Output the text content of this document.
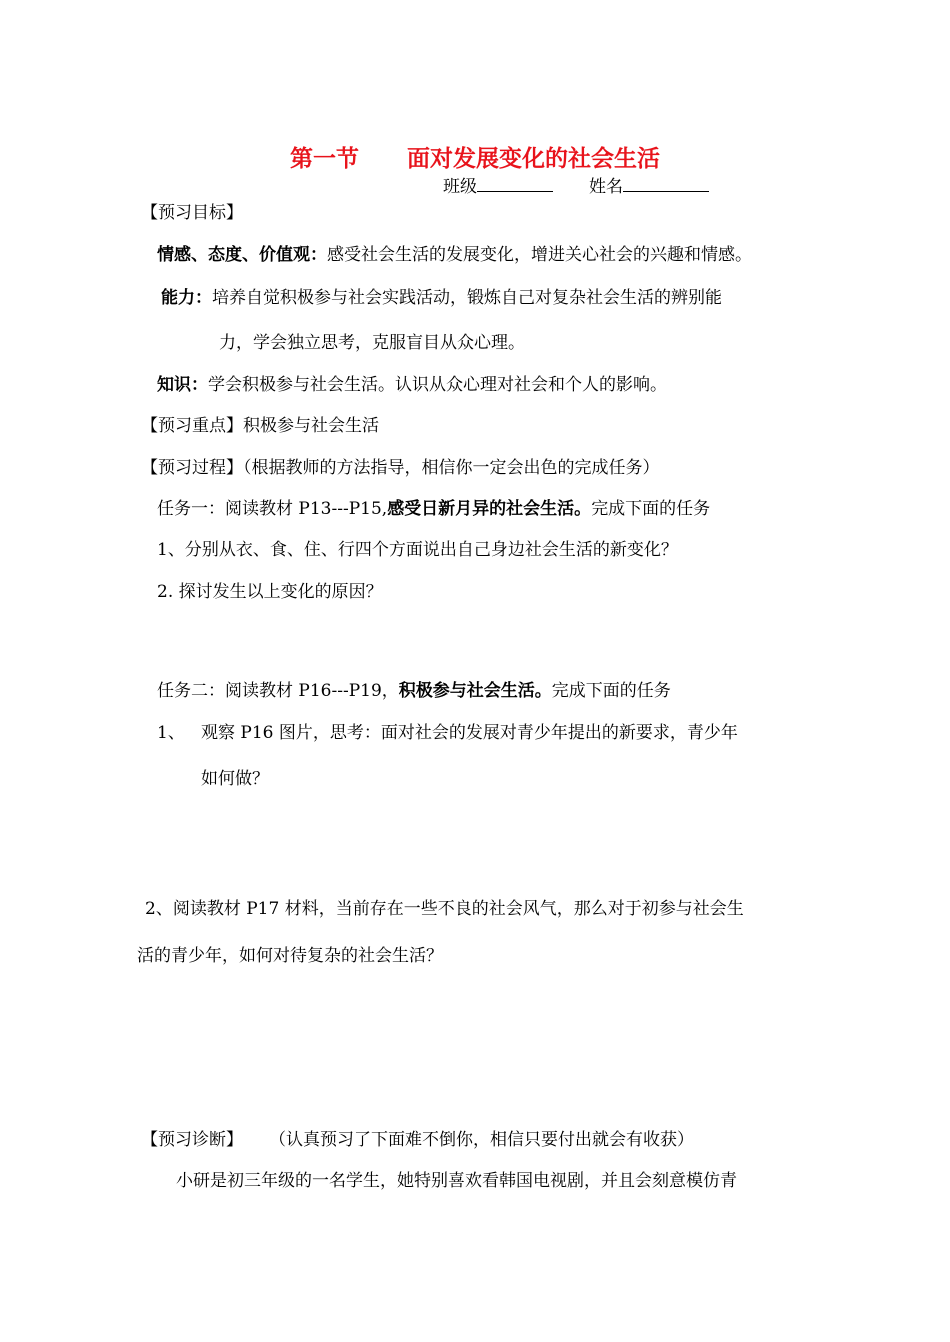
第一节      面对发展变化的社会生活
班级	姓名
【预习目标】
情感、态度、价值观：感受社会生活的发展变化，增进关心社会的兴趣和情感。
能力：培养自觉积极参与社会实践活动，锻炼自己对复杂社会生活的辨别能
力，学会独立思考，克服盲目从众心理。
知识：学会积极参与社会生活。认识从众心理对社会和个人的影响。
【预习重点】积极参与社会生活
【预习过程】（根据教师的方法指导，相信你一定会出色的完成任务）
任务一：阅读教材 P13---P15,感受日新月异的社会生活。完成下面的任务
1、分别从衣、食、住、行四个方面说出自己身边社会生活的新变化？
2. 探讨发生以上变化的原因？
任务二：阅读教材 P16---P19，积极参与社会生活。完成下面的任务
1、 观察 P16 图片，思考：面对社会的发展对青少年提出的新要求，青少年
如何做？
2、阅读教材 P17 材料，当前存在一些不良的社会风气，那么对于初参与社会生
活的青少年，如何对待复杂的社会生活？
【预习诊断】 （认真预习了下面难不倒你，相信只要付出就会有收获）
小研是初三年级的一名学生，她特别喜欢看韩国电视剧，并且会刻意模仿青
